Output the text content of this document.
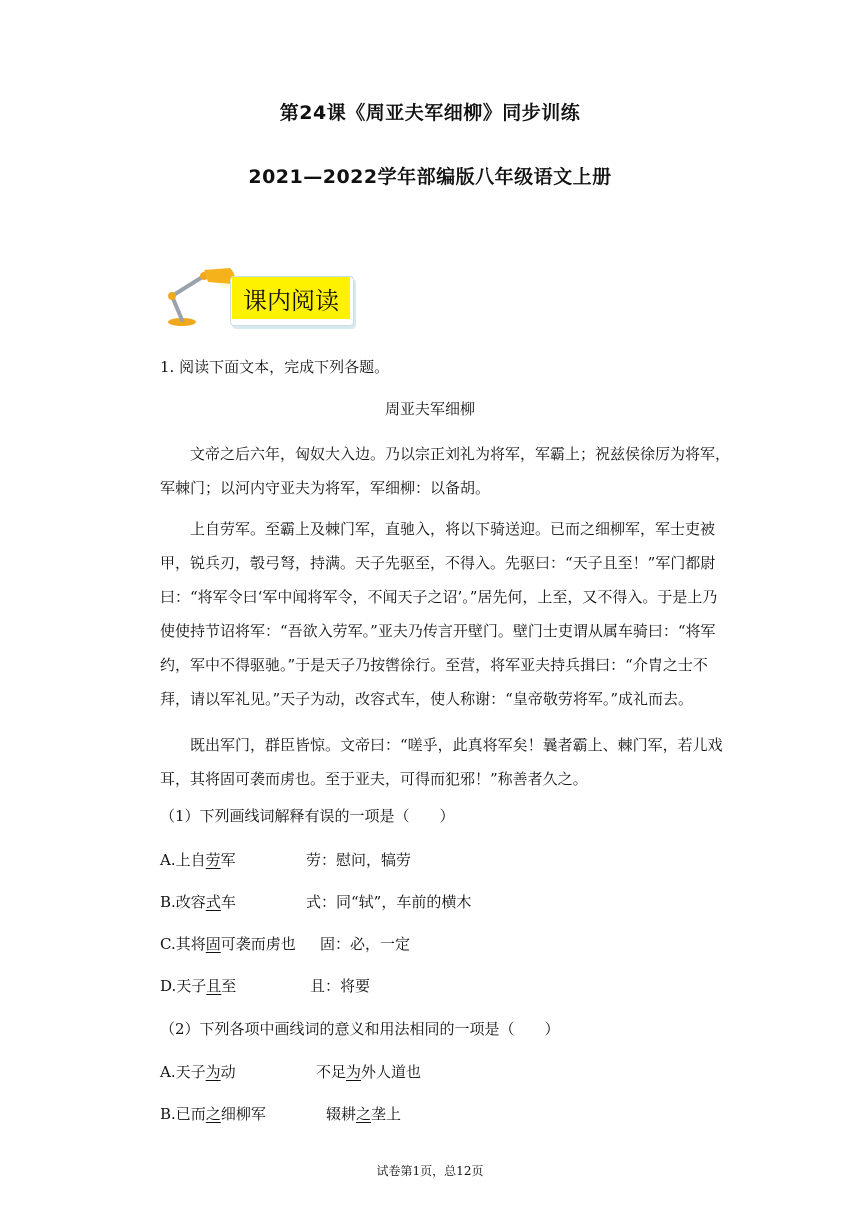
第24课《周亚夫军细柳》同步训练
2021—2022学年部编版八年级语文上册
课内阅读
1. 阅读下面文本，完成下列各题。
周亚夫军细柳
文帝之后六年，匈奴大入边。乃以宗正刘礼为将军，军霸上；祝兹侯徐厉为将军，军棘门；以河内守亚夫为将军，军细柳：以备胡。
上自劳军。至霸上及棘门军，直驰入，将以下骑送迎。已而之细柳军，军士吏被甲，锐兵刃，彀弓弩，持满。天子先驱至，不得入。先驱曰：“天子且至！”军门都尉曰：“将军令曰‘军中闻将军令，不闻天子之诏’。”居先何，上至，又不得入。于是上乃使使持节诏将军：“吾欲入劳军。”亚夫乃传言开壁门。壁门士吏谓从属车骑曰：“将军约，军中不得驱驰。”于是天子乃按辔徐行。至营，将军亚夫持兵揖曰：“介胄之士不拜，请以军礼见。”天子为动，改容式车，使人称谢：“皇帝敬劳将军。”成礼而去。
既出军门，群臣皆惊。文帝曰：“嗟乎，此真将军矣！曩者霸上、棘门军，若儿戏耳，其将固可袭而虏也。至于亚夫，可得而犯邪！”称善者久之。
（1）下列画线词解释有误的一项是（　　）
A.上自劳军	劳：慰问，犒劳
B.改容式车	式：同“轼”，车前的横木
C.其将固可袭而虏也 固：必，一定
D.天子且至	且：将要
（2）下列各项中画线词的意义和用法相同的一项是（　　）
A.天子为动	不足为外人道也
B.已而之细柳军	辍耕之垄上
试卷第1页，总12页
